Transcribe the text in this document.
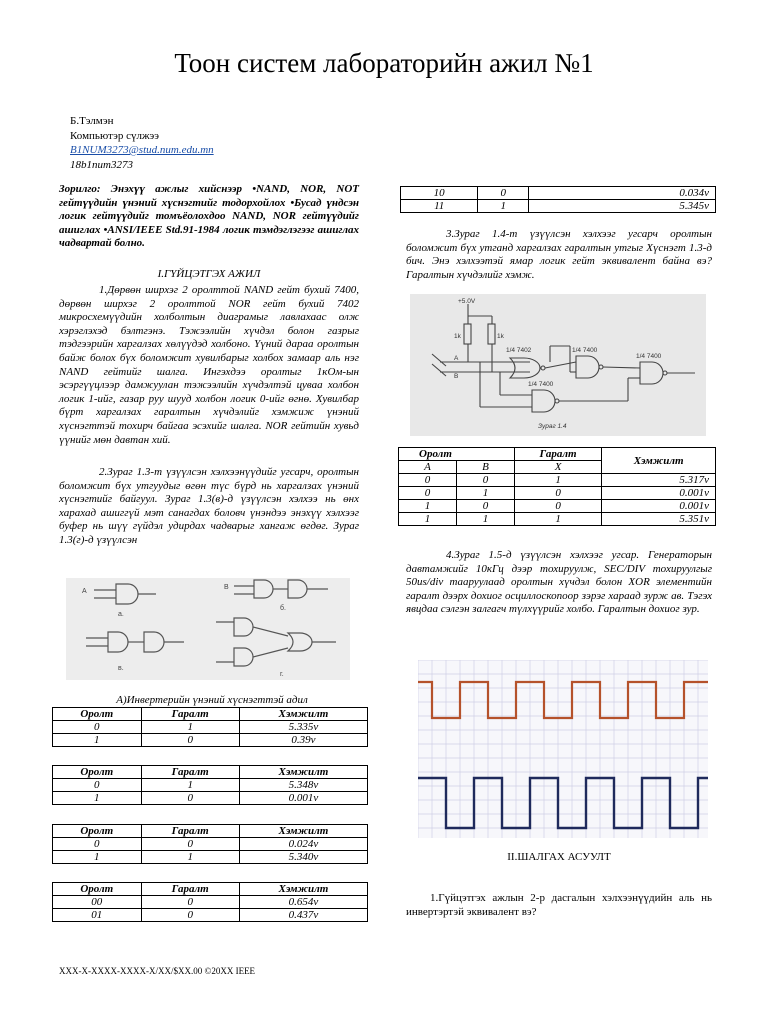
Тоон систем лабораторийн ажил №1
Б.Тэлмэн
Компьютэр сүлжээ
B1NUM3273@stud.num.edu.mn
18b1num3273
Зорилго: Энэхүү ажлыг хийснээр •NAND, NOR, NOT гейтүүдийн үнэний хүснэгтийг тодорхойлох •Бусад үндсэн логик гейтүүдийг томъёолохдоо NAND, NOR гейтүүдийг ашиглах •ANSI/IEEE Std.91-1984 логик тэмдэглэгээг ашиглах чадвартай болно.
I.ГҮЙЦЭТГЭХ АЖИЛ
1.Дөрвөн ширхэг 2 оролттой NAND гейт бухий 7400, дөрвөн ширхэг 2 оролттой NOR гейт бухий 7402 микросхемүүдийн холболтын диаграмыг лавлахаас олж хэрэглэхэд бэлтгэнэ. Тэжээлийн хүчдэл болон газрыг тэдгээрийн харгалзах хөлүүдэд холбоно. Үүний дараа оролтын байж болох бүх боломжит хувилбарыг холбох замаар аль нэг NAND гейтийг шалга. Ингэхдээ оролтыг 1кОм-ын эсэргүүцлээр дамжуулан тэжээлийн хүчдэлтэй цуваа холбон логик 1-ийг, газар руу шууд холбон логик 0-ийг өгнө. Хувилбар бүрт харгалзах гаралтын хүчдэлийг хэмжиж үнэний хүснэгттэй тохирч байгаа эсэхийг шалга. NOR гейтийн хувьд үүнийг мөн давтан хий.
2.Зураг 1.3-т үзүүлсэн хэлхээнүүдийг угсарч, оролтын боломжит бүх утгуудыг өгөн түс бүрд нь харгалзах үнэний хүснэгтийг байгуул. Зураг 1.3(в)-д үзүүлсэн хэлхээ нь өнх харахад ашиггүй мэт санагдах боловч үнэндээ энэхүү хэлхээг буфер нь шүү гүйдэл удирдах чадварыг хангаж өгдөг. Зураг 1.3(г)-д үзүүлсэн
A
B
а.
б.
в.
г.
А)Инвертерийн үнэний хүснэгттэй адил
Оролт	Гаралт	Хэмжилт
0	1	5.335v
1	0	0.39v
Оролт	Гаралт	Хэмжилт
0	1	5.348v
1	0	0.001v
Оролт	Гаралт	Хэмжилт
0	0	0.024v
1	1	5.340v
Оролт	Гаралт	Хэмжилт
00	0	0.654v
01	0	0.437v
10	0	0.034v
11	1	5.345v
3.Зураг 1.4-т үзүүлсэн хэлхээг угсарч оролтын боломжит бүх утганд харгалзах гаралтын утгыг Хүснэгт 1.3-д бич. Энэ хэлхээтэй ямар логик гейт эквивалент байна вэ? Гаралтын хүчдэлийг хэмж.
+5.0V
1k	1k
A
B
1/4 7402	1/4 7400
1/4 7400
1/4 7400
Зураг 1.4
Оролт		Гаралт	Хэмжилт
A	B	X	
0	0	1	5.317v
0	1	0	0.001v
1	0	0	0.001v
1	1	1	5.351v
4.Зураг 1.5-д үзүүлсэн хэлхээг угсар. Генераторын давтамжийг 10кГц дээр тохируулж, SEC/DIV тохируулгыг 50us/div тааруулаад оролтын хүчдэл болон XOR элементийн гаралт дээрх дохиог осциллоскопоор зэрэг хараад зурж ав. Тэгэх явцдаа сэлгэн залгагч түлхүүрийг холбо. Гаралтын дохиог зур.
II.ШАЛГАХ АСУУЛТ
1.Гүйцэтгэх ажлын 2-р дасгалын хэлхээнүүдийн аль нь инвертэртэй эквивалент вэ?
XXX-X-XXXX-XXXX-X/XX/$XX.00 ©20XX IEEE
